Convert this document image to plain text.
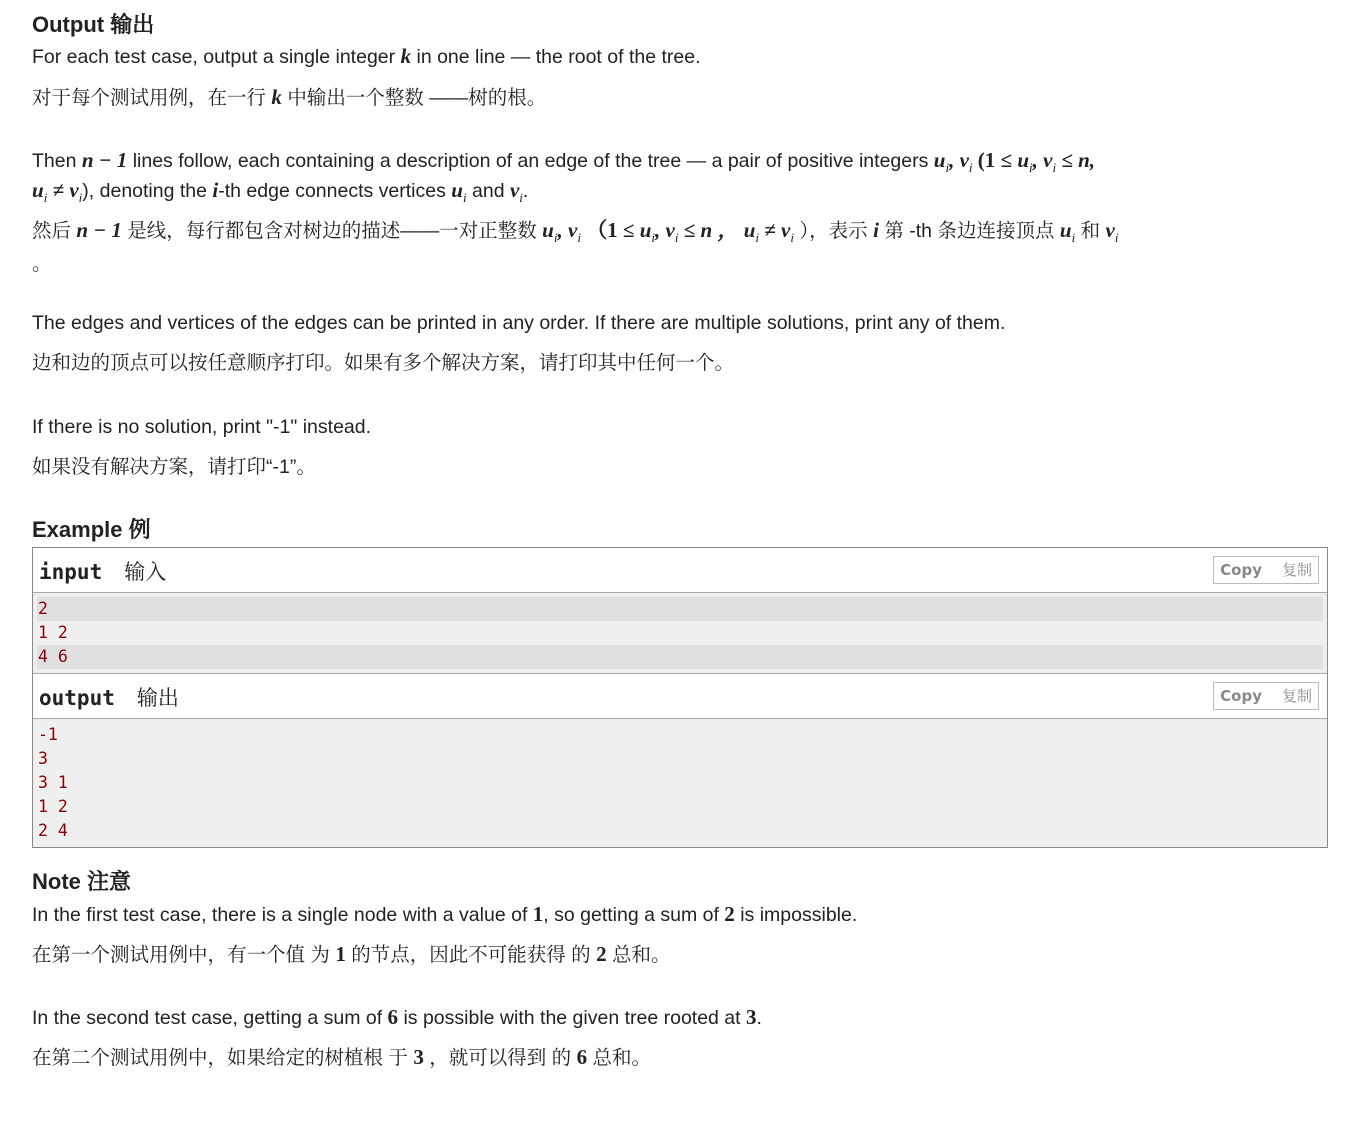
Output 输出
For each test case, output a single integer k in one line — the root of the tree.
对于每个测试用例，在一行 k 中输出一个整数 ——树的根。
Then n − 1 lines follow, each containing a description of an edge of the tree — a pair of positive integers $u_i$, $v_i$ ($1 \le u_i$, $v_i \le n$,
$u_i \ne v_i$), denoting the i-th edge connects vertices $u_i$ and $v_i$.
然后 n − 1 是线，每行都包含对树边的描述——一对正整数 $u_i$, $v_i$ （$1 \le u_i$, $v_i \le n$ ， $u_i \ne v_i$ ），表示 i 第 -th 条边连接顶点 $u_i$ 和 $v_i$
。
The edges and vertices of the edges can be printed in any order. If there are multiple solutions, print any of them.
边和边的顶点可以按任意顺序打印。如果有多个解决方案，请打印其中任何一个。
If there is no solution, print "-1" instead.
如果没有解决方案，请打印“-1”。
Example 例
input 输入	Copy 复制
2
1 2
4 6
output 输出	Copy 复制
-1
3
3 1
1 2
2 4
Note 注意
In the first test case, there is a single node with a value of 1, so getting a sum of 2 is impossible.
在第一个测试用例中，有一个值 为 1 的节点，因此不可能获得 的 2 总和。
In the second test case, getting a sum of 6 is possible with the given tree rooted at 3.
在第二个测试用例中，如果给定的树植根 于 3 ，就可以得到 的 6 总和。
